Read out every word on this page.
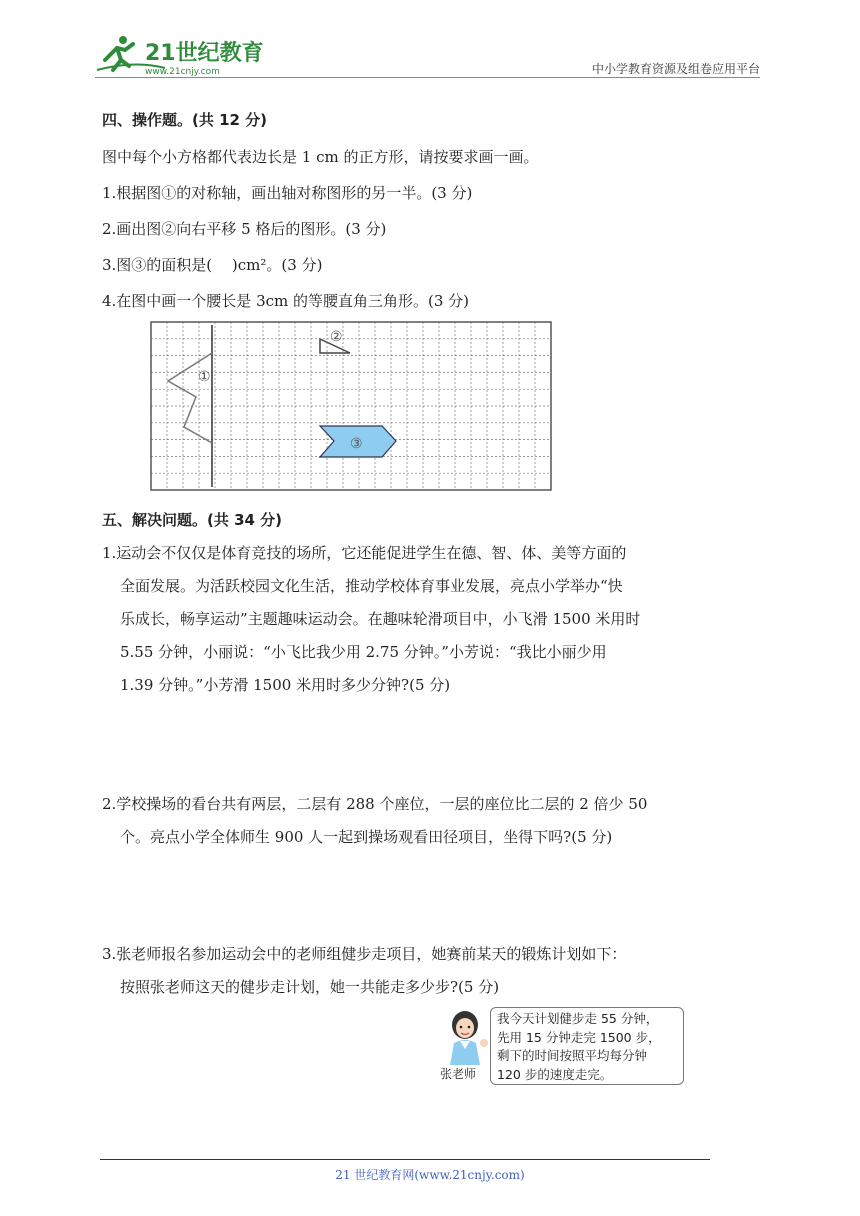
21世纪教育
www.21cnjy.com	中小学教育资源及组卷应用平台
四、操作题。(共 12 分)
图中每个小方格都代表边长是 1 cm 的正方形，请按要求画一画。
1.根据图①的对称轴，画出轴对称图形的另一半。(3 分)
2.画出图②向右平移 5 格后的图形。(3 分)
3.图③的面积是(　 )cm²。(3 分)
4.在图中画一个腰长是 3cm 的等腰直角三角形。(3 分)
①
②
③
五、解决问题。(共 34 分)
1.运动会不仅仅是体育竞技的场所，它还能促进学生在德、智、体、美等方面的

全面发展。为活跃校园文化生活，推动学校体育事业发展，亮点小学举办“快
乐成长，畅享运动”主题趣味运动会。在趣味轮滑项目中，小飞滑 1500 米用时
5.55 分钟，小丽说：“小飞比我少用 2.75 分钟。”小芳说：“我比小丽少用
1.39 分钟。”小芳滑 1500 米用时多少分钟?(5 分)
2.学校操场的看台共有两层，二层有 288 个座位，一层的座位比二层的 2 倍少 50

个。亮点小学全体师生 900 人一起到操场观看田径项目，坐得下吗?(5 分)
3.张老师报名参加运动会中的老师组健步走项目，她赛前某天的锻炼计划如下：

按照张老师这天的健步走计划，她一共能走多少步?(5 分)
张老师
我今天计划健步走 55 分钟，
先用 15 分钟走完 1500 步，
剩下的时间按照平均每分钟
120 步的速度走完。
21 世纪教育网(www.21cnjy.com)
